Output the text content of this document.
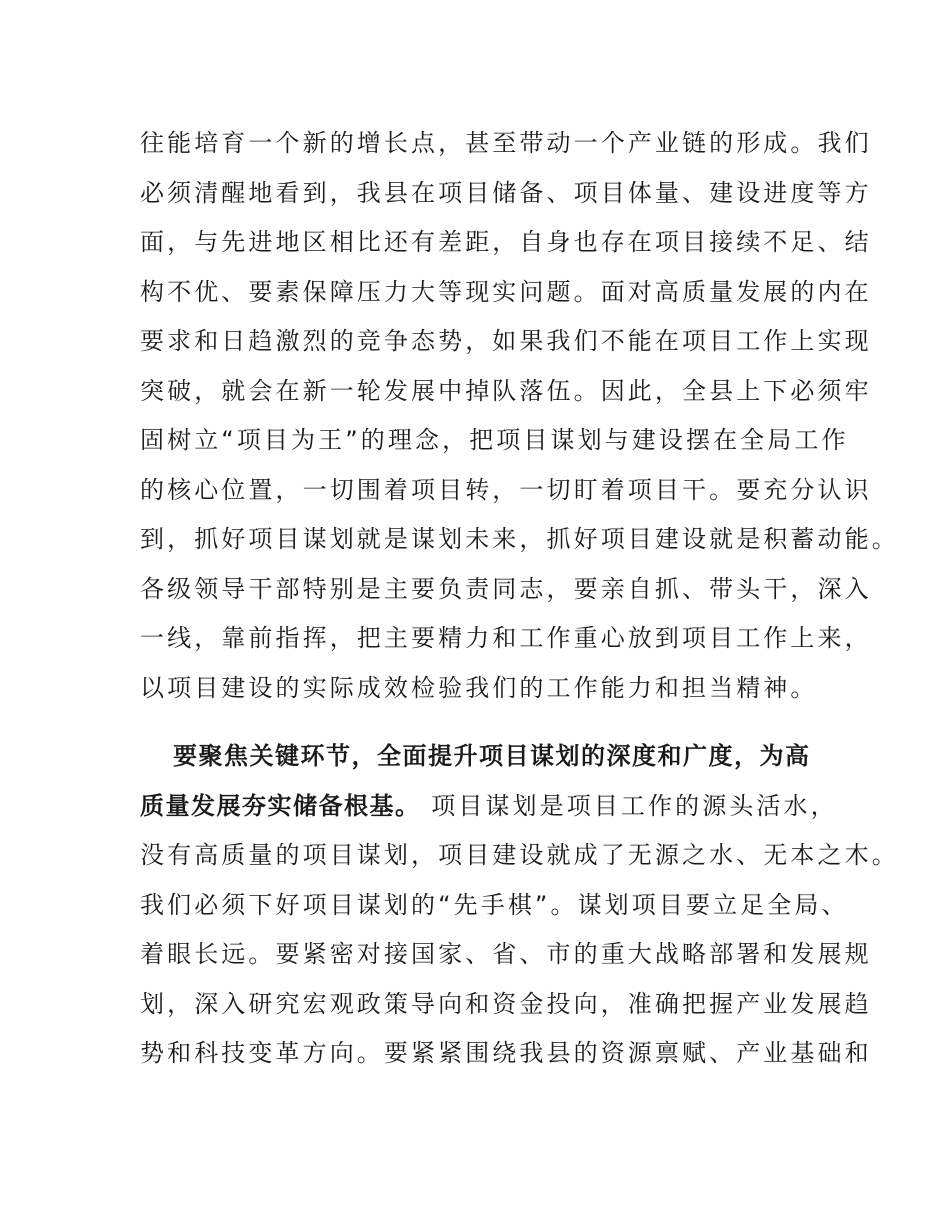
往能培育一个新的增长点，甚至带动一个产业链的形成。我们
必须清醒地看到，我县在项目储备、项目体量、建设进度等方
面，与先进地区相比还有差距，自身也存在项目接续不足、结
构不优、要素保障压力大等现实问题。面对高质量发展的内在
要求和日趋激烈的竞争态势，如果我们不能在项目工作上实现
突破，就会在新一轮发展中掉队落伍。因此，全县上下必须牢
固树立“项目为王”的理念，把项目谋划与建设摆在全局工作
的核心位置，一切围着项目转，一切盯着项目干。要充分认识
到，抓好项目谋划就是谋划未来，抓好项目建设就是积蓄动能。
各级领导干部特别是主要负责同志，要亲自抓、带头干，深入
一线，靠前指挥，把主要精力和工作重心放到项目工作上来，
以项目建设的实际成效检验我们的工作能力和担当精神。
要聚焦关键环节，全面提升项目谋划的深度和广度，为高
质量发展夯实储备根基。 项目谋划是项目工作的源头活水，
没有高质量的项目谋划，项目建设就成了无源之水、无本之木。
我们必须下好项目谋划的“先手棋”。谋划项目要立足全局、
着眼长远。要紧密对接国家、省、市的重大战略部署和发展规
划，深入研究宏观政策导向和资金投向，准确把握产业发展趋
势和科技变革方向。要紧紧围绕我县的资源禀赋、产业基础和
